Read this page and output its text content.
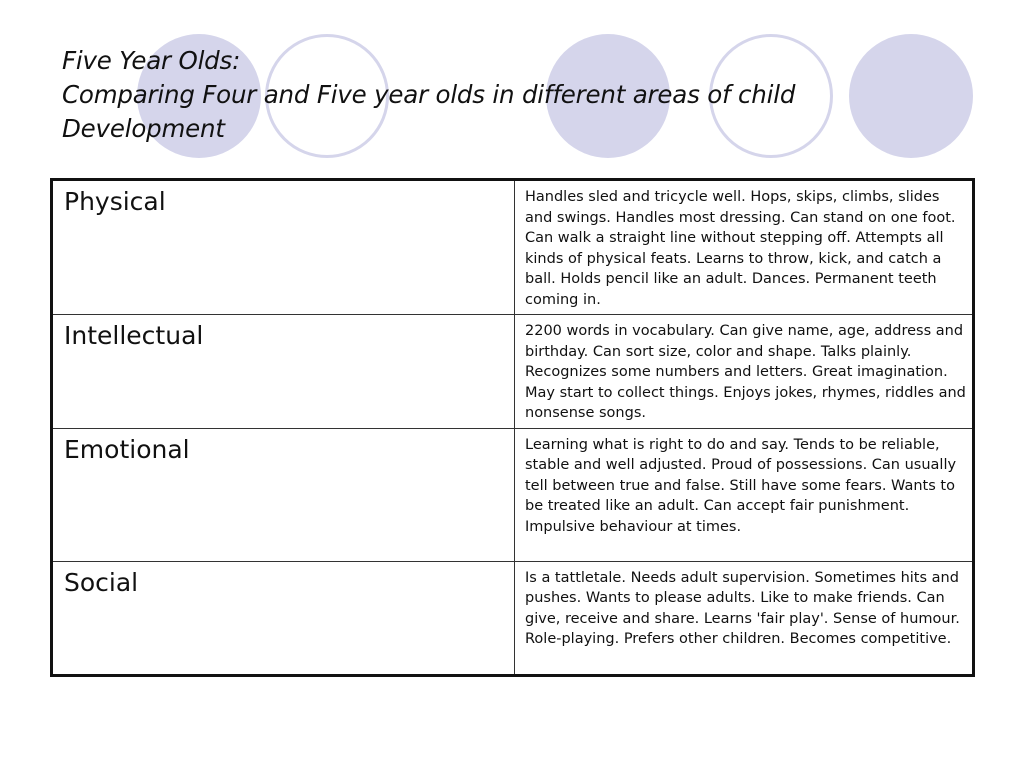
Five Year Olds:
Comparing Four and Five year olds in different areas of child
Development
Physical	Handles sled and tricycle well. Hops, skips, climbs, slides and swings. Handles most dressing. Can stand on one foot. Can walk a straight line without stepping off. Attempts all kinds of physical feats. Learns to throw, kick, and catch a ball. Holds pencil like an adult. Dances. Permanent teeth coming in.
Intellectual	2200 words in vocabulary. Can give name, age, address and birthday. Can sort size, color and shape. Talks plainly. Recognizes some numbers and letters. Great imagination. May start to collect things. Enjoys jokes, rhymes, riddles and nonsense songs.
Emotional	Learning what is right to do and say. Tends to be reliable, stable and well adjusted. Proud of possessions. Can usually tell between true and false. Still have some fears. Wants to be treated like an adult. Can accept fair punishment. Impulsive behaviour at times.
Social	Is a tattletale. Needs adult supervision. Sometimes hits and pushes. Wants to please adults. Like to make friends. Can give, receive and share. Learns 'fair play'. Sense of humour. Role-playing. Prefers other children. Becomes competitive.
